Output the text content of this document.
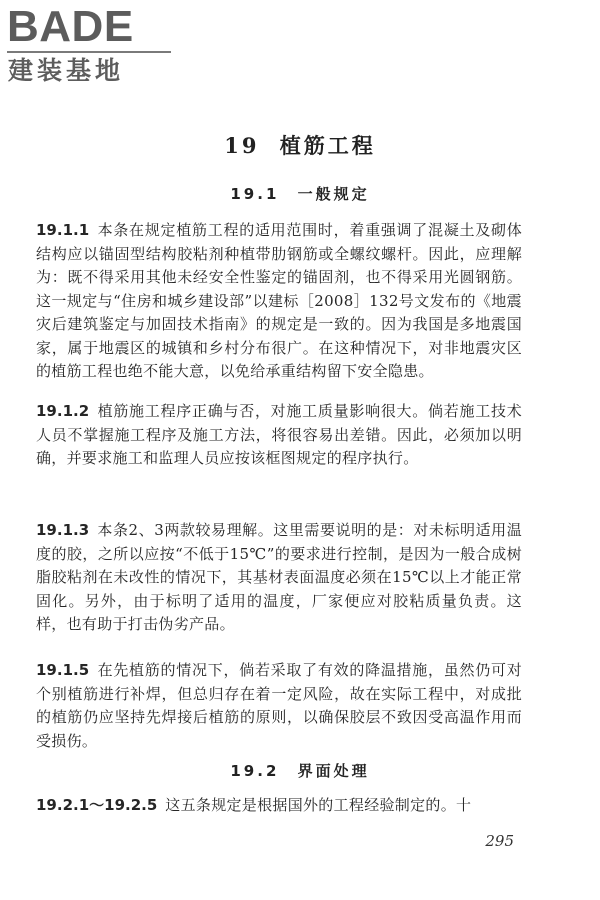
BADE
建装基地
19 植筋工程
19.1 一般规定

19.1.1 本条在规定植筋工程的适用范围时，着重强调了混凝土及砌体结构应以锚固型结构胶粘剂种植带肋钢筋或全螺纹螺杆。因此，应理解为：既不得采用其他未经安全性鉴定的锚固剂，也不得采用光圆钢筋。这一规定与“住房和城乡建设部”以建标［2008］132号文发布的《地震灾后建筑鉴定与加固技术指南》的规定是一致的。因为我国是多地震国家，属于地震区的城镇和乡村分布很广。在这种情况下，对非地震灾区的植筋工程也绝不能大意，以免给承重结构留下安全隐患。

19.1.2 植筋施工程序正确与否，对施工质量影响很大。倘若施工技术人员不掌握施工程序及施工方法，将很容易出差错。因此，必须加以明确，并要求施工和监理人员应按该框图规定的程序执行。

19.1.3 本条2、3两款较易理解。这里需要说明的是：对未标明适用温度的胶，之所以应按“不低于15℃”的要求进行控制，是因为一般合成树脂胶粘剂在未改性的情况下，其基材表面温度必须在15℃以上才能正常固化。另外，由于标明了适用的温度，厂家便应对胶粘质量负责。这样，也有助于打击伪劣产品。

19.1.5 在先植筋的情况下，倘若采取了有效的降温措施，虽然仍可对个别植筋进行补焊，但总归存在着一定风险，故在实际工程中，对成批的植筋仍应坚持先焊接后植筋的原则，以确保胶层不致因受高温作用而受损伤。

19.2 界面处理

19.2.1～19.2.5 这五条规定是根据国外的工程经验制定的。十

295
